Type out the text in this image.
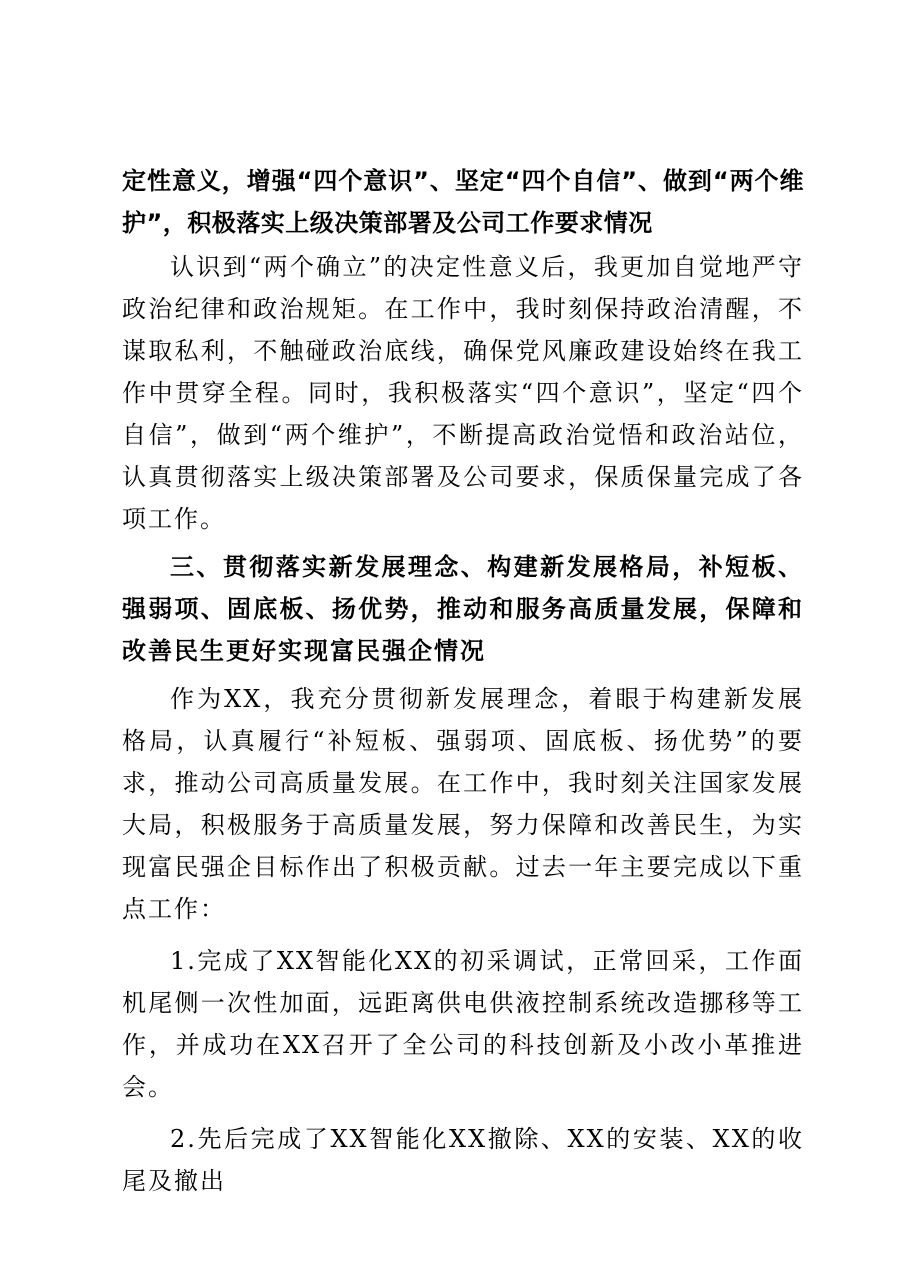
定性意义，增强“四个意识”、坚定“四个自信”、做到“两个维护”，积极落实上级决策部署及公司工作要求情况

认识到“两个确立”的决定性意义后，我更加自觉地严守政治纪律和政治规矩。在工作中，我时刻保持政治清醒，不谋取私利，不触碰政治底线，确保党风廉政建设始终在我工作中贯穿全程。同时，我积极落实“四个意识”，坚定“四个自信”，做到“两个维护”，不断提高政治觉悟和政治站位，认真贯彻落实上级决策部署及公司要求，保质保量完成了各项工作。

三、贯彻落实新发展理念、构建新发展格局，补短板、强弱项、固底板、扬优势，推动和服务高质量发展，保障和改善民生更好实现富民强企情况

作为XX，我充分贯彻新发展理念，着眼于构建新发展格局，认真履行“补短板、强弱项、固底板、扬优势”的要求，推动公司高质量发展。在工作中，我时刻关注国家发展大局，积极服务于高质量发展，努力保障和改善民生，为实现富民强企目标作出了积极贡献。过去一年主要完成以下重点工作：

1.完成了XX智能化XX的初采调试，正常回采，工作面机尾侧一次性加面，远距离供电供液控制系统改造挪移等工作，并成功在XX召开了全公司的科技创新及小改小革推进会。

2.先后完成了XX智能化XX撤除、XX的安装、XX的收尾及撤出
